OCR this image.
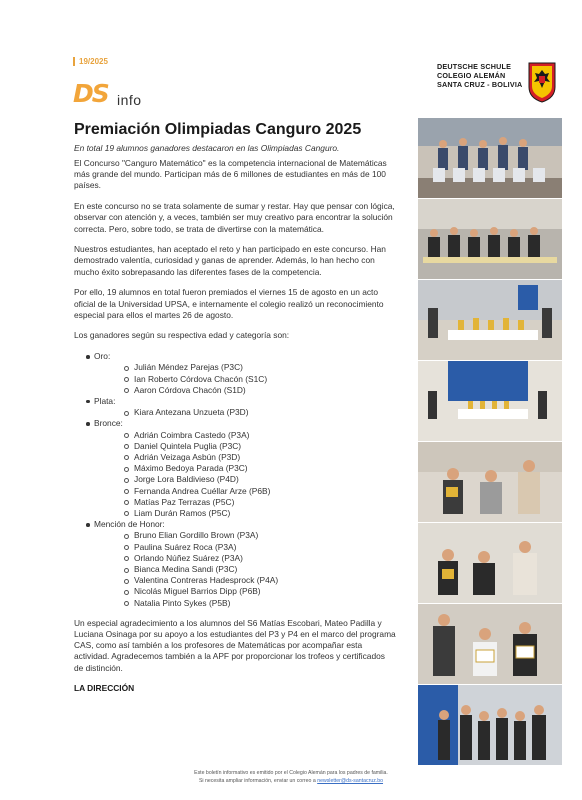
19/2025
DS info
DEUTSCHE SCHULE
COLEGIO ALEMÁN
SANTA CRUZ - BOLIVIA
Premiación Olimpiadas Canguro 2025

En total 19 alumnos ganadores destacaron en las Olimpiadas Canguro.

El Concurso "Canguro Matemático" es la competencia internacional de Matemáticas más grande del mundo. Participan más de 6 millones de estudiantes en más de 100 países.

En este concurso no se trata solamente de sumar y restar. Hay que pensar con lógica, observar con atención y, a veces, también ser muy creativo para encontrar la solución correcta. Pero, sobre todo, se trata de divertirse con la matemática.

Nuestros estudiantes, han aceptado el reto y han participado en este concurso. Han demostrado valentía, curiosidad y ganas de aprender. Además, lo han hecho con mucho éxito sobrepasando las diferentes fases de la competencia.

Por ello, 19 alumnos en total fueron premiados el viernes 15 de agosto en un acto oficial de la Universidad UPSA, e internamente el colegio realizó un reconocimiento especial para ellos el martes 26 de agosto.

Los ganadores según su respectiva edad y categoría son:

Oro:
Julián Méndez Parejas (P3C)
Ian Roberto Córdova Chacón (S1C)
Aaron Córdova Chacón (S1D)
Plata:
Kiara Antezana Unzueta (P3D)
Bronce:
Adrián Coimbra Castedo (P3A)
Daniel Quintela Puglia (P3C)
Adrián Veizaga Asbún (P3D)
Máximo Bedoya Parada (P3C)
Jorge Lora Baldivieso (P4D)
Fernanda Andrea Cuéllar Arze (P6B)
Matías Paz Terrazas (P5C)
Liam Durán Ramos (P5C)
Mención de Honor:
Bruno Elian Gordillo Brown (P3A)
Paulina Suárez Roca (P3A)
Orlando Núñez Suárez (P3A)
Bianca Medina Sandi (P3C)
Valentina Contreras Hadesprock (P4A)
Nicolás Miguel Barrios Dipp (P6B)
Natalia Pinto Sykes (P5B)

Un especial agradecimiento a los alumnos del S6 Matías Escobari, Mateo Padilla y Luciana Osinaga por su apoyo a los estudiantes del P3 y P4 en el marco del programa CAS, como así también a los profesores de Matemáticas por acompañar esta actividad. Agradecemos también a la APF por proporcionar los trofeos y certificados de distinción.

LA DIRECCIÓN

Este boletín informativo es emitido por el Colegio Alemán para los padres de familia.
Si necesita ampliar información, enviar un correo a newsletter@ds-santacruz.bo
